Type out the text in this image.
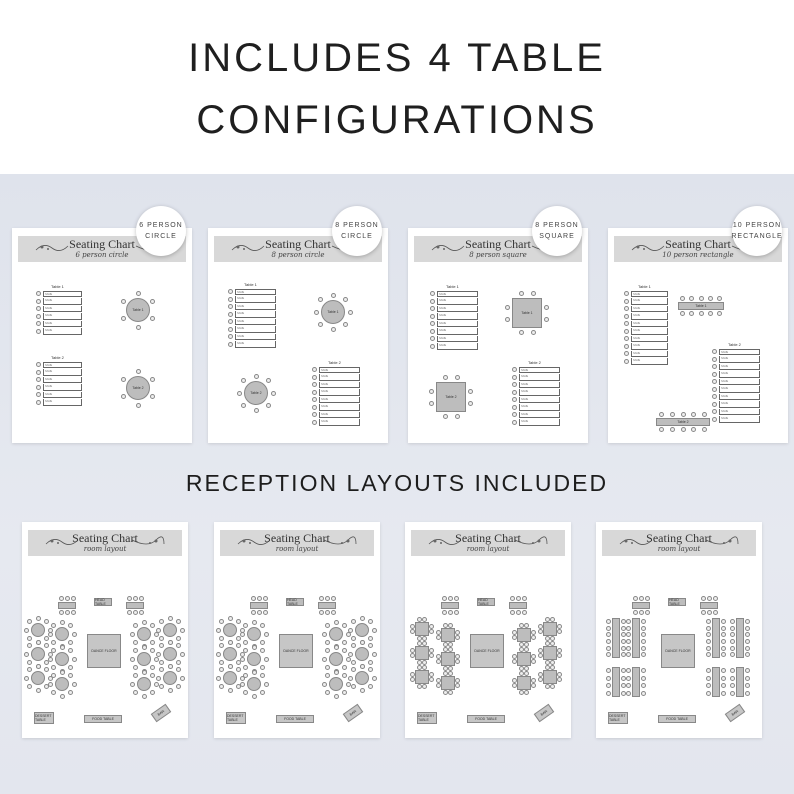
INCLUDES 4 TABLE
CONFIGURATIONS
RECEPTION LAYOUTS INCLUDED
Seating Chart
6 person circle
Table 1
NAME
NAME
NAME
NAME
NAME
NAME
Table 1
Table 2
NAME
NAME
NAME
NAME
NAME
NAME
Table 2
6 PERSON
CIRCLE
Seating Chart
8 person circle
Table 1
NAME
NAME
NAME
NAME
NAME
NAME
NAME
NAME
Table 1
Table 2
Table 2
NAME
NAME
NAME
NAME
NAME
NAME
NAME
NAME
8 PERSON
CIRCLE
Seating Chart
8 person square
Table 1
NAME
NAME
NAME
NAME
NAME
NAME
NAME
NAME
Table 1
Table 2
Table 2
NAME
NAME
NAME
NAME
NAME
NAME
NAME
NAME
8 PERSON
SQUARE
Seating Chart
10 person rectangle
Table 1
NAME
NAME
NAME
NAME
NAME
NAME
NAME
NAME
NAME
NAME
Table 1
Table 2
NAME
NAME
NAME
NAME
NAME
NAME
NAME
NAME
NAME
NAME
Table 2
10 PERSON
RECTANGLE
Seating Chart
room layout
HEAD TABLE
DANCE FLOOR
DESSERT TABLE	FOOD TABLE
BAR
Seating Chart
room layout
HEAD TABLE
DANCE FLOOR
DESSERT TABLE	FOOD TABLE
BAR
Seating Chart
room layout
HEAD TABLE
DANCE FLOOR
DESSERT TABLE	FOOD TABLE
BAR
Seating Chart
room layout
HEAD TABLE
DANCE FLOOR
DESSERT TABLE	FOOD TABLE
BAR
